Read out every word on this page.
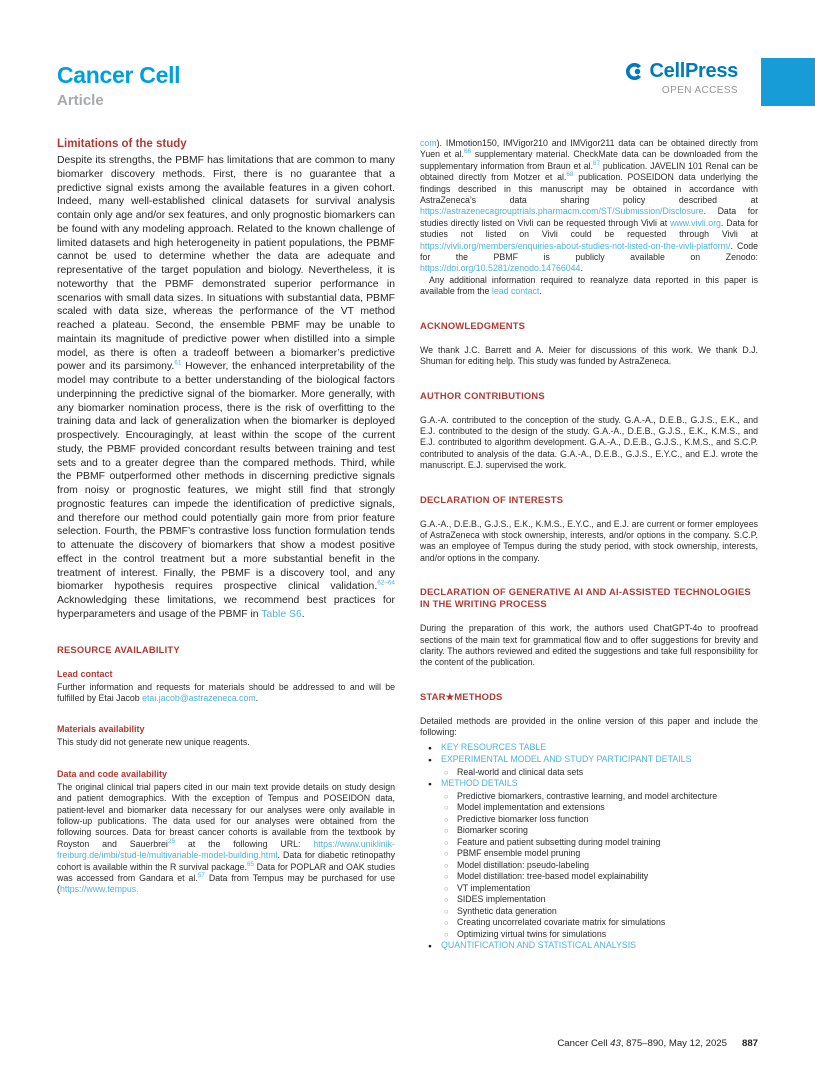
Cancer Cell
Article
CellPress
OPEN ACCESS
Limitations of the study

Despite its strengths, the PBMF has limitations that are common to many biomarker discovery methods. First, there is no guarantee that a predictive signal exists among the available features in a given cohort. Indeed, many well-established clinical datasets for survival analysis contain only age and/or sex features, and only prognostic biomarkers can be found with any modeling approach. Related to the known challenge of limited datasets and high heterogeneity in patient populations, the PBMF cannot be used to determine whether the data are adequate and representative of the target population and biology. Nevertheless, it is noteworthy that the PBMF demonstrated superior performance in scenarios with small data sizes. In situations with substantial data, PBMF scaled with data size, whereas the performance of the VT method reached a plateau. Second, the ensemble PBMF may be unable to maintain its magnitude of predictive power when distilled into a simple model, as there is often a tradeoff between a biomarker’s predictive power and its parsimony.$^{61}$ However, the enhanced interpretability of the model may contribute to a better understanding of the biological factors underpinning the predictive signal of the biomarker. More generally, with any biomarker nomination process, there is the risk of overfitting to the training data and lack of generalization when the biomarker is deployed prospectively. Encouragingly, at least within the scope of the current study, the PBMF provided concordant results between training and test sets and to a greater degree than the compared methods. Third, while the PBMF outperformed other methods in discerning predictive signals from noisy or prognostic features, we might still find that strongly prognostic features can impede the identification of predictive signals, and therefore our method could potentially gain more from prior feature selection. Fourth, the PBMF’s contrastive loss function formulation tends to attenuate the discovery of biomarkers that show a modest positive effect in the control treatment but a more substantial benefit in the treatment of interest. Finally, the PBMF is a discovery tool, and any biomarker hypothesis requires prospective clinical validation.$^{62-64}$ Acknowledging these limitations, we recommend best practices for hyperparameters and usage of the PBMF in Table S6.

RESOURCE AVAILABILITY
Lead contact

Further information and requests for materials should be addressed to and will be fulfilled by Etai Jacob etai.jacob@astrazeneca.com.

Materials availability

This study did not generate new unique reagents.

Data and code availability

The original clinical trial papers cited in our main text provide details on study design and patient demographics. With the exception of Tempus and POSEIDON data, patient-level and biomarker data necessary for our analyses were only available in follow-up publications. The data used for our analyses were obtained from the following sources. Data for breast cancer cohorts is available from the textbook by Royston and Sauerbrei$^{25}$ at the following URL: https://www.uniklinik-freiburg.de/imbi/stud-le/multivariable-model-building.html. Data for diabetic retinopathy cohort is available within the R survival package.$^{65}$ Data for POPLAR and OAK studies was accessed from Gandara et al.$^{57}$ Data from Tempus may be purchased for use (https://www.tempus.

com). IMmotion150, IMVigor210 and IMVigor211 data can be obtained directly from Yuen et al.$^{66}$ supplementary material. CheckMate data can be downloaded from the supplementary information from Braun et al.$^{67}$ publication. JAVELIN 101 Renal can be obtained directly from Motzer et al.$^{68}$ publication. POSEIDON data underlying the findings described in this manuscript may be obtained in accordance with AstraZeneca’s data sharing policy described at https://astrazenecagrouptrials.pharmacm.com/ST/Submission/Disclosure. Data for studies directly listed on Vivli can be requested through Vivli at www.vivli.org. Data for studies not listed on Vivli could be requested through Vivli at https://vivli.org/members/enquiries-about-studies-not-listed-on-the-vivli-platform/. Code for the PBMF is publicly available on Zenodo: https://doi.org/10.5281/zenodo.14766044.

Any additional information required to reanalyze data reported in this paper is available from the lead contact.

ACKNOWLEDGMENTS

We thank J.C. Barrett and A. Meier for discussions of this work. We thank D.J. Shuman for editing help. This study was funded by AstraZeneca.

AUTHOR CONTRIBUTIONS

G.A.-A. contributed to the conception of the study. G.A.-A., D.E.B., G.J.S., E.K., and E.J. contributed to the design of the study. G.A.-A., D.E.B., G.J.S., E.K., K.M.S., and E.J. contributed to algorithm development. G.A.-A., D.E.B., G.J.S., K.M.S., and S.C.P. contributed to analysis of the data. G.A.-A., D.E.B., G.J.S., E.Y.C., and E.J. wrote the manuscript. E.J. supervised the work.

DECLARATION OF INTERESTS

G.A.-A., D.E.B., G.J.S., E.K., K.M.S., E.Y.C., and E.J. are current or former employees of AstraZeneca with stock ownership, interests, and/or options in the company. S.C.P. was an employee of Tempus during the study period, with stock ownership, interests, and/or options in the company.

DECLARATION OF GENERATIVE AI AND AI-ASSISTED TECHNOLOGIES IN THE WRITING PROCESS

During the preparation of this work, the authors used ChatGPT-4o to proofread sections of the main text for grammatical flow and to offer suggestions for brevity and clarity. The authors reviewed and edited the suggestions and take full responsibility for the content of the publication.

STAR★METHODS

Detailed methods are provided in the online version of this paper and include the following:

●	KEY RESOURCES TABLE
●	EXPERIMENTAL MODEL AND STUDY PARTICIPANT DETAILS
○ Real-world and clinical data sets
●	METHOD DETAILS
○ Predictive biomarkers, contrastive learning, and model architecture
○ Model implementation and extensions
○ Predictive biomarker loss function
○ Biomarker scoring
○ Feature and patient subsetting during model training
○ PBMF ensemble model pruning
○ Model distillation: pseudo-labeling
○ Model distillation: tree-based model explainability
○ VT implementation
○ SIDES implementation
○ Synthetic data generation
○ Creating uncorrelated covariate matrix for simulations
○ Optimizing virtual twins for simulations
●	QUANTIFICATION AND STATISTICAL ANALYSIS
Cancer Cell 43, 875–890, May 12, 2025 887
